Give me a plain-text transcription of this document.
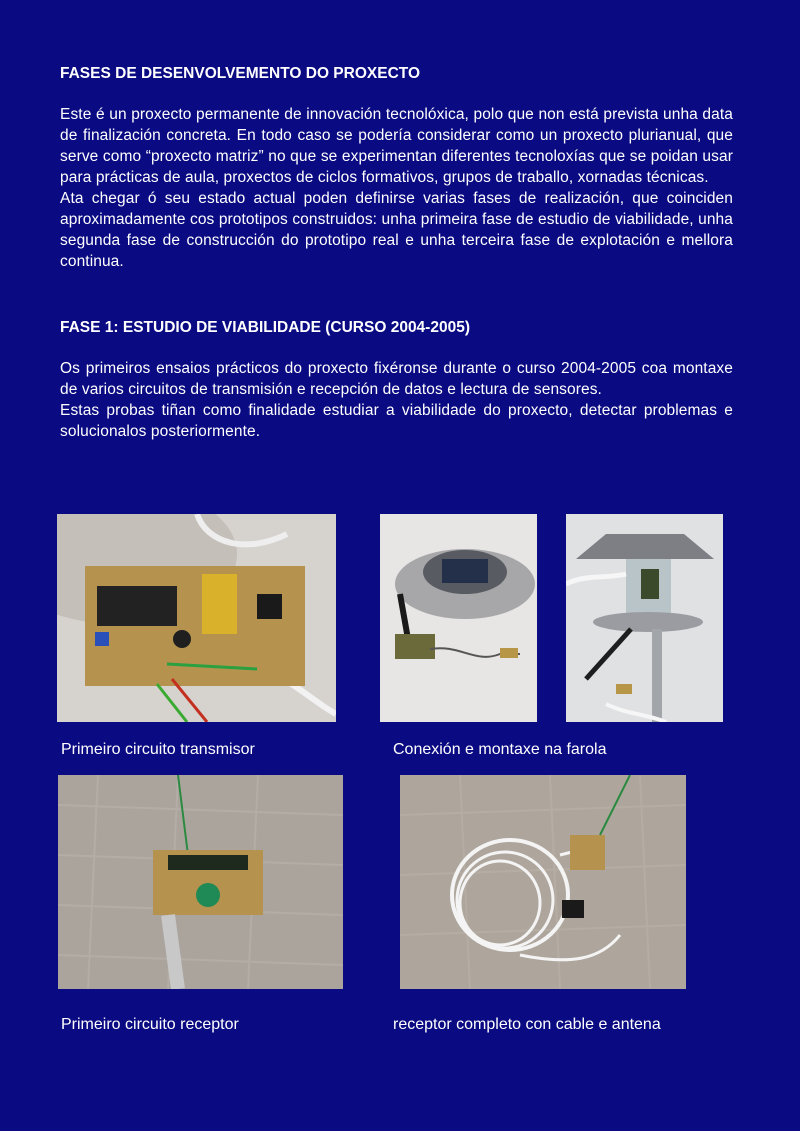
FASES DE DESENVOLVEMENTO DO PROXECTO

Este é un proxecto permanente de innovación tecnolóxica, polo que non está prevista unha data de finalización concreta. En todo caso se podería considerar como un proxecto plurianual, que serve como “proxecto matriz” no que se experimentan diferentes tecnoloxías que se poidan usar para prácticas de aula, proxectos de ciclos formativos, grupos de traballo, xornadas técnicas.

Ata chegar ó seu estado actual poden definirse varias fases de realización, que coinciden aproximadamente cos prototipos construidos: unha primeira fase de estudio de viabilidade, unha segunda fase de construcción do prototipo real e unha terceira fase de explotación e mellora continua.

FASE 1: ESTUDIO DE VIABILIDADE (CURSO 2004-2005)

Os primeiros ensaios prácticos do proxecto fixéronse durante o curso 2004-2005 coa montaxe de varios circuitos de transmisión e recepción de datos e lectura de sensores.

Estas probas tiñan como finalidade estudiar a viabilidade do proxecto, detectar problemas e solucionalos posteriormente.

Primeiro circuito transmisor	Conexión e montaxe na farola
Primeiro circuito receptor	receptor completo con cable e antena
